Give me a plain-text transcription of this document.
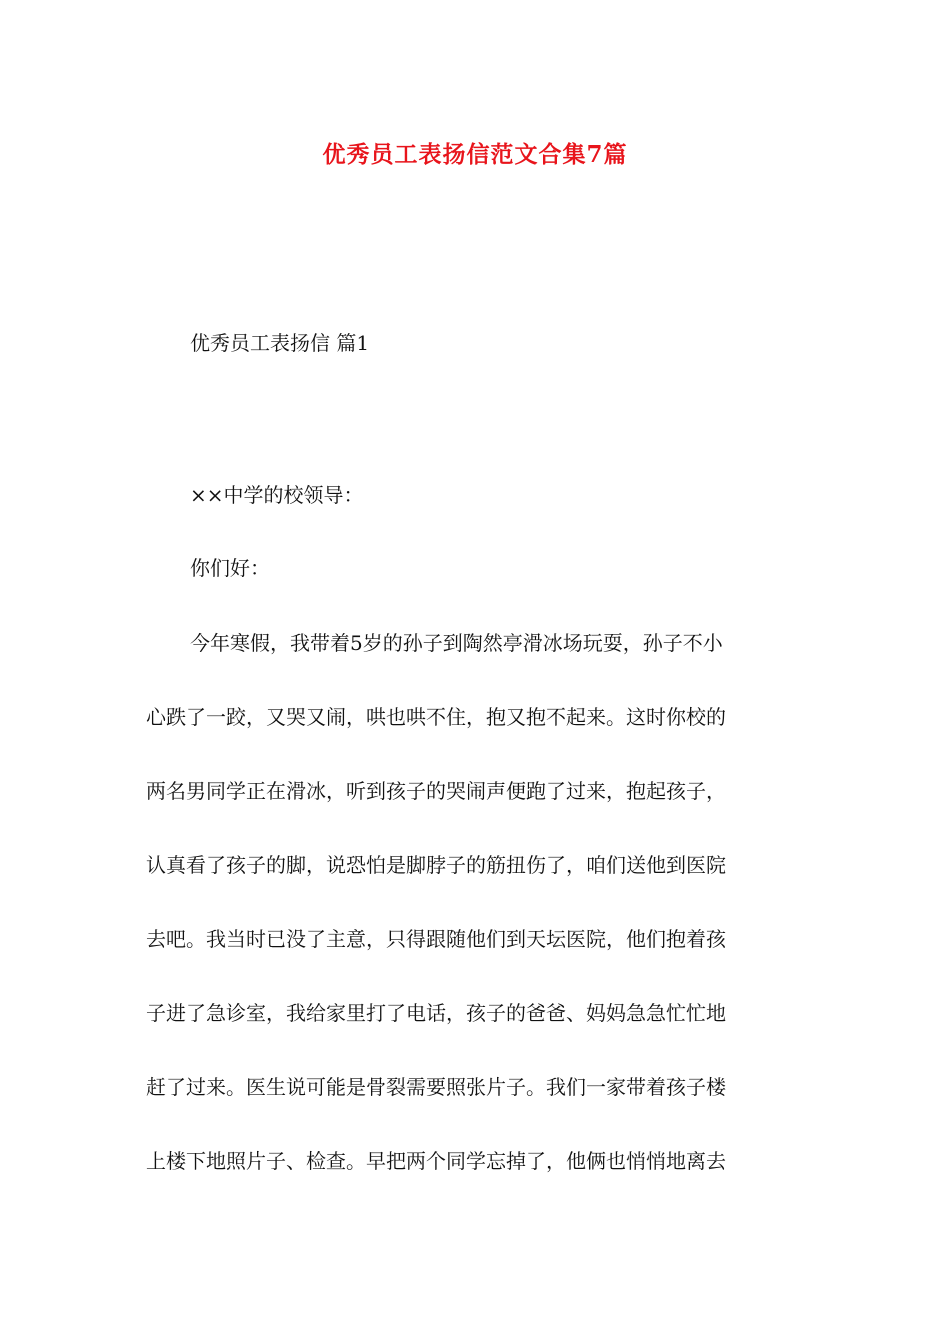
优秀员工表扬信范文合集7篇

优秀员工表扬信 篇1

××中学的校领导：

你们好：

今年寒假，我带着5岁的孙子到陶然亭滑冰场玩耍，孙子不小

心跌了一跤，又哭又闹，哄也哄不住，抱又抱不起来。这时你校的

两名男同学正在滑冰，听到孩子的哭闹声便跑了过来，抱起孩子，

认真看了孩子的脚，说恐怕是脚脖子的筋扭伤了，咱们送他到医院

去吧。我当时已没了主意，只得跟随他们到天坛医院，他们抱着孩

子进了急诊室，我给家里打了电话，孩子的爸爸、妈妈急急忙忙地

赶了过来。医生说可能是骨裂需要照张片子。我们一家带着孩子楼

上楼下地照片子、检查。早把两个同学忘掉了，他俩也悄悄地离去
